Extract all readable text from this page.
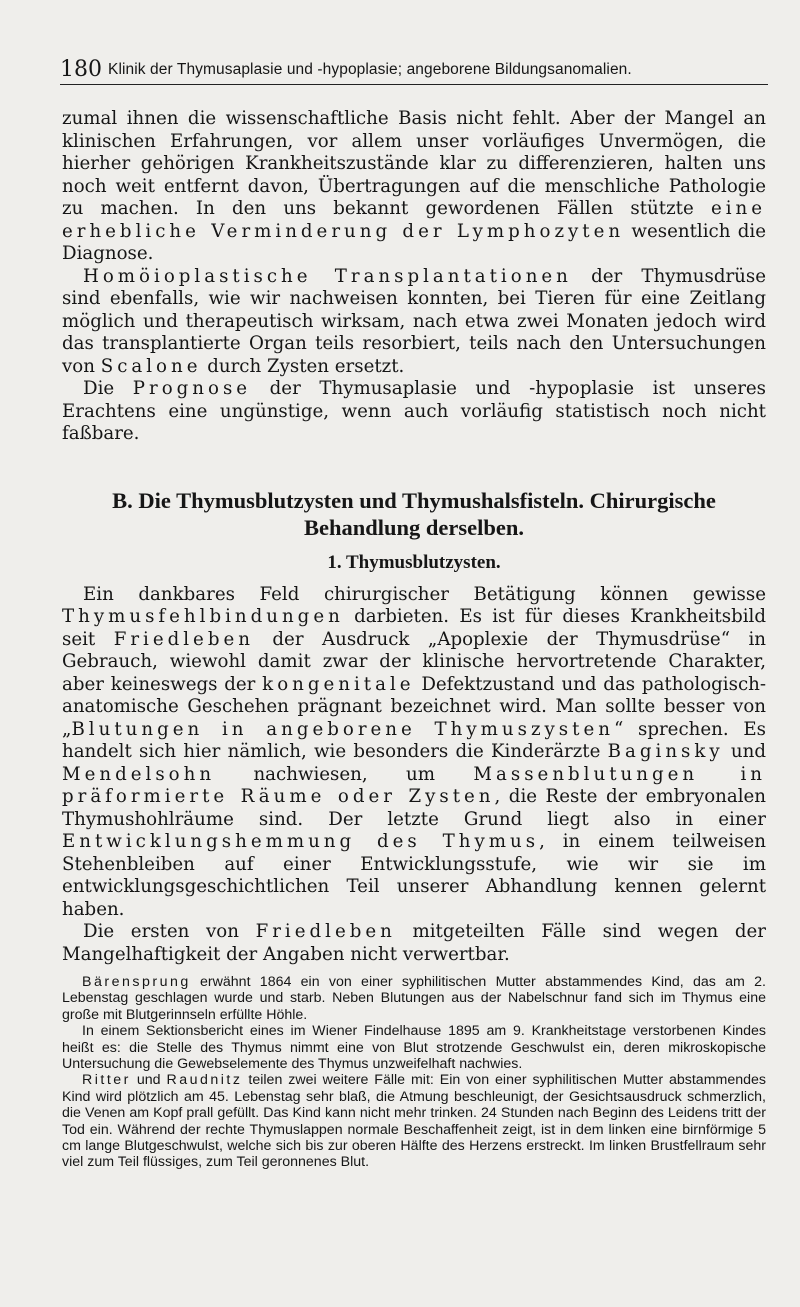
180 Klinik der Thymusaplasie und -hypoplasie; angeborene Bildungsanomalien.

zumal ihnen die wissenschaftliche Basis nicht fehlt. Aber der Mangel an klinischen Erfahrungen, vor allem unser vorläufiges Unvermögen, die hierher gehörigen Krankheitszustände klar zu differenzieren, halten uns noch weit entfernt davon, Übertragungen auf die menschliche Pathologie zu machen. In den uns bekannt gewordenen Fällen stützte eine erhebliche Verminderung der Lymphozyten wesentlich die Diagnose.

Homöioplastische Transplantationen der Thymusdrüse sind ebenfalls, wie wir nachweisen konnten, bei Tieren für eine Zeitlang möglich und therapeutisch wirksam, nach etwa zwei Monaten jedoch wird das transplantierte Organ teils resorbiert, teils nach den Untersuchungen von Scalone durch Zysten ersetzt.

Die Prognose der Thymusaplasie und -hypoplasie ist unseres Erachtens eine ungünstige, wenn auch vorläufig statistisch noch nicht faßbare.

B. Die Thymusblutzysten und Thymushalsfisteln. Chirurgische
Behandlung derselben.
1. Thymusblutzysten.

Ein dankbares Feld chirurgischer Betätigung können gewisse Thymusfehlbindungen darbieten. Es ist für dieses Krankheitsbild seit Friedleben der Ausdruck „Apoplexie der Thymusdrüse“ in Gebrauch, wiewohl damit zwar der klinische hervortretende Charakter, aber keineswegs der kongenitale Defektzustand und das pathologisch-anatomische Geschehen prägnant bezeichnet wird. Man sollte besser von „Blutungen in angeborene Thymuszysten“ sprechen. Es handelt sich hier nämlich, wie besonders die Kinderärzte Baginsky und Mendelsohn nachwiesen, um Massenblutungen in präformierte Räume oder Zysten, die Reste der embryonalen Thymushohlräume sind. Der letzte Grund liegt also in einer Entwicklungshemmung des Thymus, in einem teilweisen Stehenbleiben auf einer Entwicklungsstufe, wie wir sie im entwicklungsgeschichtlichen Teil unserer Abhandlung kennen gelernt haben.

Die ersten von Friedleben mitgeteilten Fälle sind wegen der Mangelhaftigkeit der Angaben nicht verwertbar.

Bärensprung erwähnt 1864 ein von einer syphilitischen Mutter abstammendes Kind, das am 2. Lebenstag geschlagen wurde und starb. Neben Blutungen aus der Nabelschnur fand sich im Thymus eine große mit Blutgerinnseln erfüllte Höhle.

In einem Sektionsbericht eines im Wiener Findelhause 1895 am 9. Krankheitstage verstorbenen Kindes heißt es: die Stelle des Thymus nimmt eine von Blut strotzende Geschwulst ein, deren mikroskopische Untersuchung die Gewebselemente des Thymus unzweifelhaft nachwies.

Ritter und Raudnitz teilen zwei weitere Fälle mit: Ein von einer syphilitischen Mutter abstammendes Kind wird plötzlich am 45. Lebenstag sehr blaß, die Atmung beschleunigt, der Gesichtsausdruck schmerzlich, die Venen am Kopf prall gefüllt. Das Kind kann nicht mehr trinken. 24 Stunden nach Beginn des Leidens tritt der Tod ein. Während der rechte Thymuslappen normale Beschaffenheit zeigt, ist in dem linken eine birnförmige 5 cm lange Blutgeschwulst, welche sich bis zur oberen Hälfte des Herzens erstreckt. Im linken Brustfellraum sehr viel zum Teil flüssiges, zum Teil geronnenes Blut.
